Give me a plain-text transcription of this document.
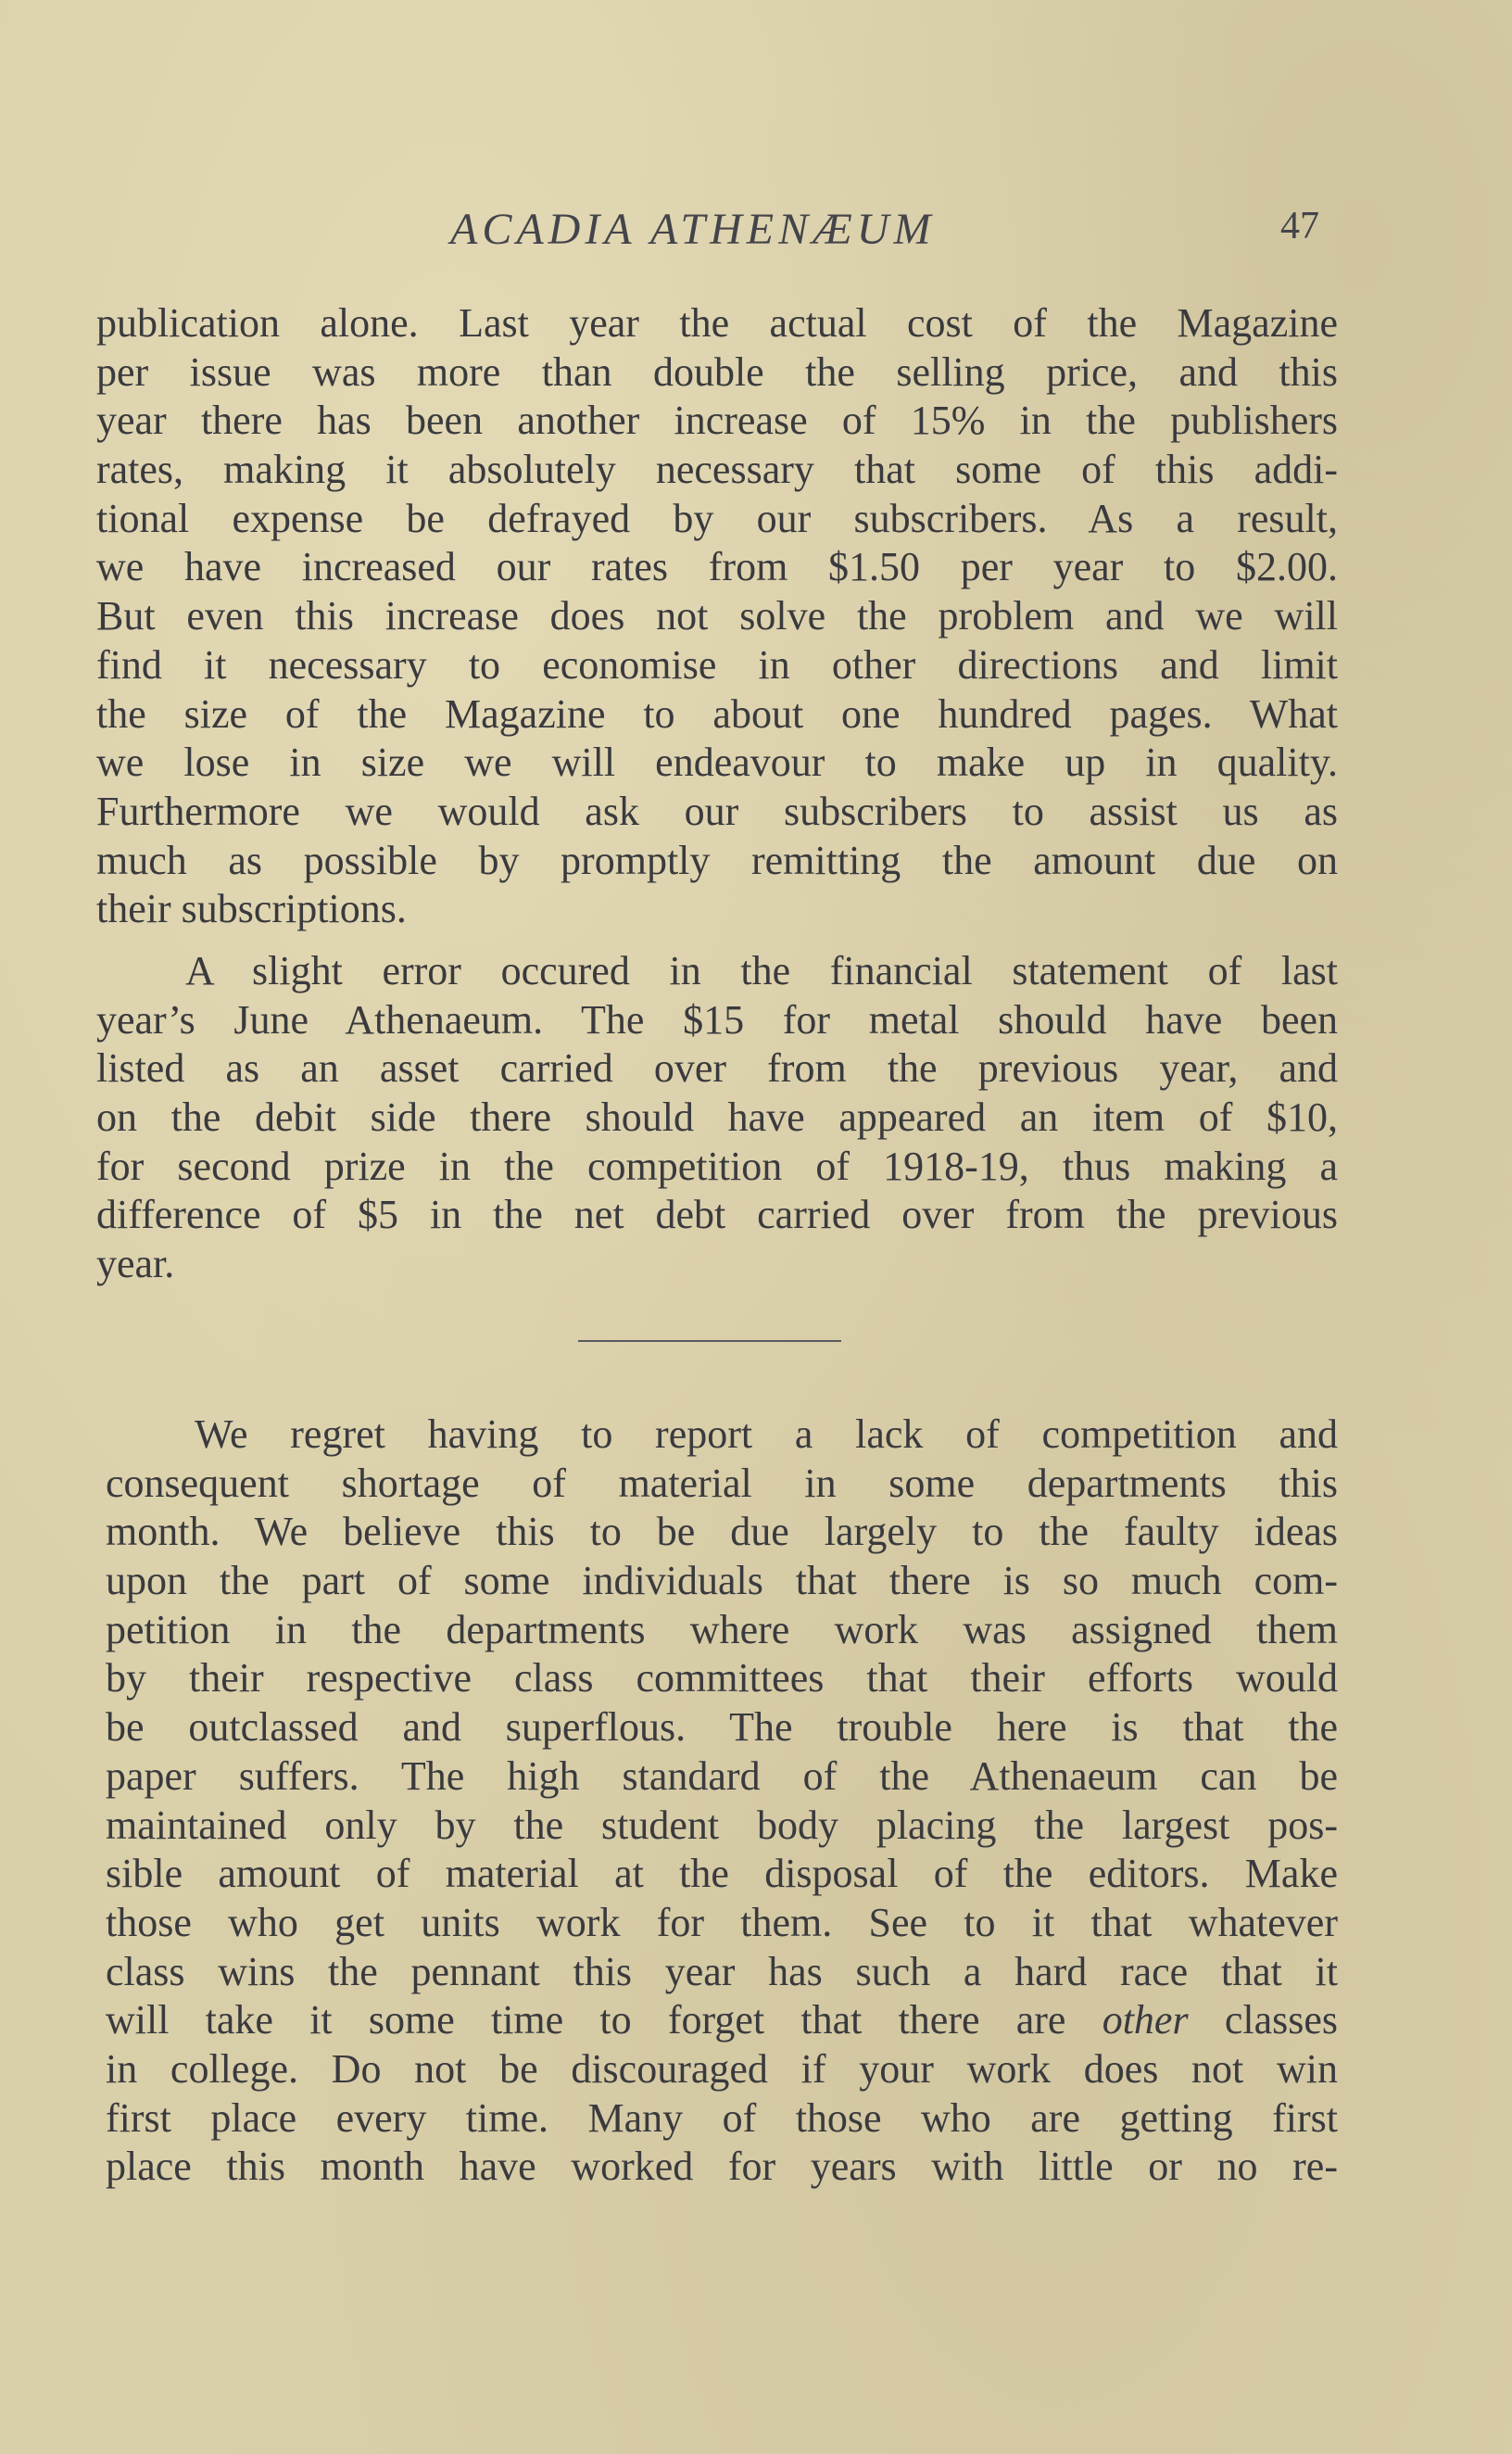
ACADIA ATHENÆUM	47
publication alone. Last year the actual cost of the Magazine
per issue was more than double the selling price, and this
year there has been another increase of 15% in the publishers
rates, making it absolutely necessary that some of this addi-
tional expense be defrayed by our subscribers. As a result,
we have increased our rates from $1.50 per year to $2.00.
But even this increase does not solve the problem and we will
find it necessary to economise in other directions and limit
the size of the Magazine to about one hundred pages. What
we lose in size we will endeavour to make up in quality.
Furthermore we would ask our subscribers to assist us as
much as possible by promptly remitting the amount due on
their subscriptions.
A slight error occured in the financial statement of last
year’s June Athenaeum. The $15 for metal should have been
listed as an asset carried over from the previous year, and
on the debit side there should have appeared an item of $10,
for second prize in the competition of 1918-19, thus making a
difference of $5 in the net debt carried over from the previous
year.
We regret having to report a lack of competition and
consequent shortage of material in some departments this
month. We believe this to be due largely to the faulty ideas
upon the part of some individuals that there is so much com-
petition in the departments where work was assigned them
by their respective class committees that their efforts would
be outclassed and superflous. The trouble here is that the
paper suffers. The high standard of the Athenaeum can be
maintained only by the student body placing the largest pos-
sible amount of material at the disposal of the editors. Make
those who get units work for them. See to it that whatever
class wins the pennant this year has such a hard race that it
will take it some time to forget that there are other classes
in college. Do not be discouraged if your work does not win
first place every time. Many of those who are getting first
place this month have worked for years with little or no re-
